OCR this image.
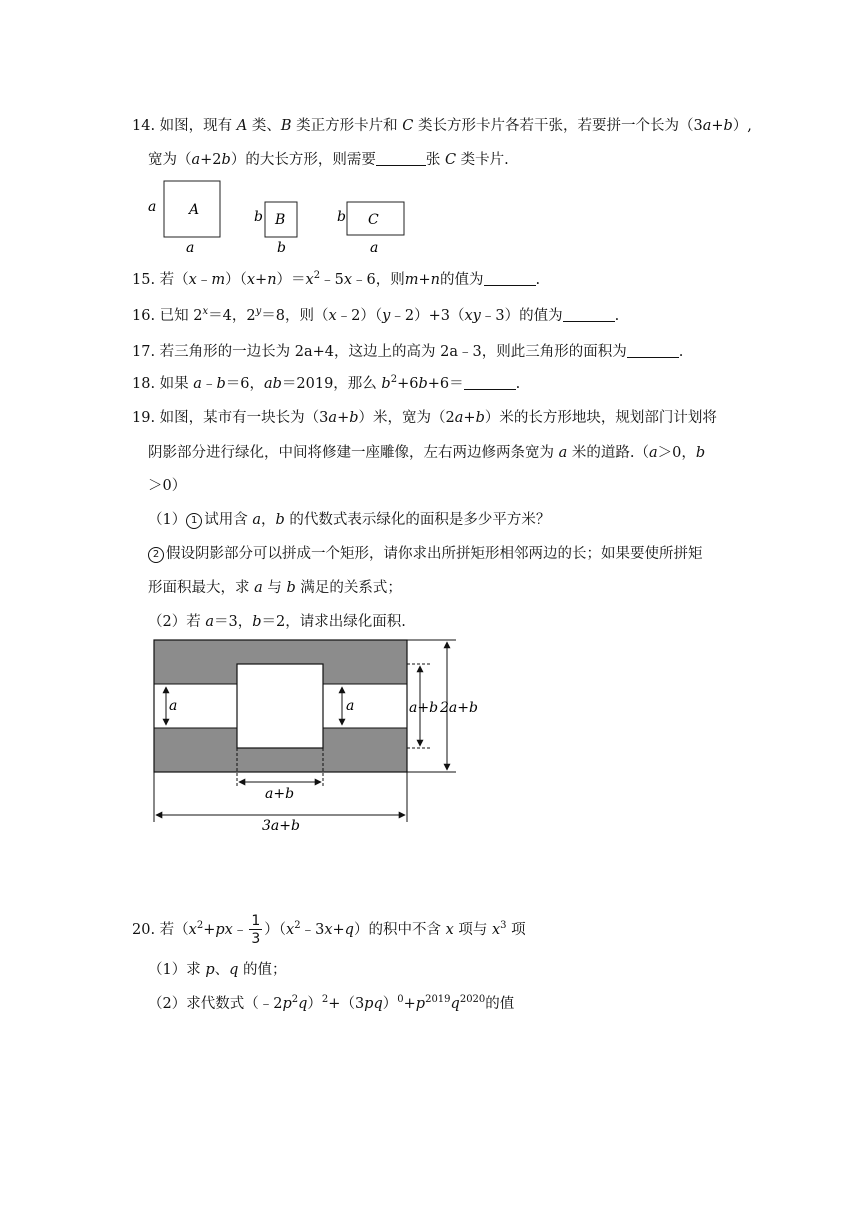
14. 如图，现有 A 类、B 类正方形卡片和 C 类长方形卡片各若干张，若要拼一个长为（3a+b）,
宽为（a+2b）的大长方形，则需要	张 C 类卡片.
A
a
a
B
b
b
C
b
a
15. 若$(x﹣m)(x+n)=x^2﹣5x﹣6$，则m+n的值为	.
16. 已知 $2^x=4$，$2^y=8$，则（x﹣2）（y﹣2）+3（xy﹣3）的值为	.
17. 若三角形的一边长为 2a+4，这边上的高为 2a﹣3，则此三角形的面积为	.
18. 如果 a﹣b＝6，ab＝2019，那么 $b^2+6b+6=$	.
19. 如图，某市有一块长为（3a+b）米，宽为（2a+b）米的长方形地块，规划部门计划将
阴影部分进行绿化，中间将修建一座雕像，左右两边修两条宽为 a 米的道路.（a＞0，b
＞0）
（1） 1 试用含 a，b 的代数式表示绿化的面积是多少平方米？
2 假设阴影部分可以拼成一个矩形，请你求出所拼矩形相邻两边的长；如果要使所拼矩
形面积最大，求 a 与 b 满足的关系式；
（2）若 a＝3，b＝2，请求出绿化面积.
a	a	a+b 2a+b
a+b
3a+b
20. 若（$x^2+px﹣ \frac{1}{3}$ ）$(x^2﹣3x+q)$的积中不含 x 项与 $x^3$ 项
（1）求 p、q 的值；
（2）求代数式$(﹣2p^2q)^2+(3pq)^0+p^{2019}q^{2020}$的值
